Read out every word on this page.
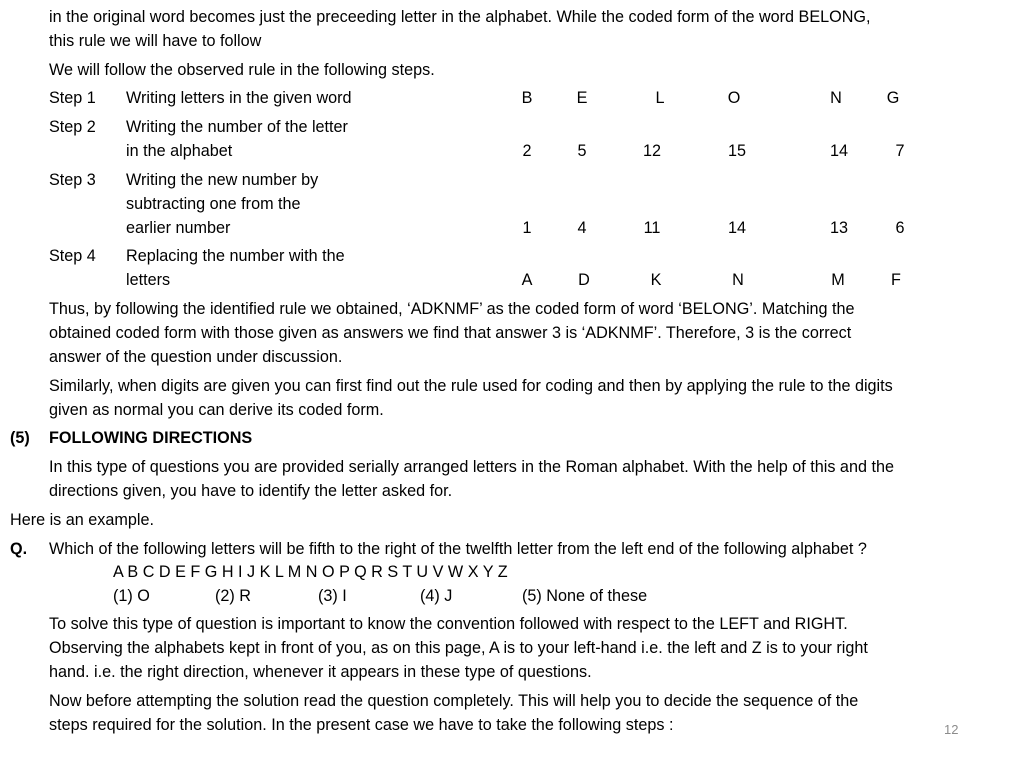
in the original word becomes just the preceeding letter in the alphabet. While the coded form of the word BELONG,
this rule we will have to follow
We will follow the observed rule in the following steps.
Step 1 Writing letters in the given word	B	E	L	O	N	G
Step 2 Writing the number of the letter
in the alphabet	2	5	12	15	14	7
Step 3 Writing the new number by
subtracting one from the
earlier number	1	4	11	14	13	6
Step 4 Replacing the number with the
letters	A	D	K	N	M	F
Thus, by following the identified rule we obtained, ‘ADKNMF’ as the coded form of word ‘BELONG’. Matching the
obtained coded form with those given as answers we find that answer 3 is ‘ADKNMF’. Therefore, 3 is the correct
answer of the question under discussion.
Similarly, when digits are given you can first find out the rule used for coding and then by applying the rule to the digits
given as normal you can derive its coded form.
(5) FOLLOWING DIRECTIONS
In this type of questions you are provided serially arranged letters in the Roman alphabet. With the help of this and the
directions given, you have to identify the letter asked for.
Here is an example.
Q. Which of the following letters will be fifth to the right of the twelfth letter from the left end of the following alphabet ?
A B C D E F G H I J K L M N O P Q R S T U V W X Y Z
(1) O	(2) R	(3) I	(4) J	(5) None of these
To solve this type of question is important to know the convention followed with respect to the LEFT and RIGHT.
Observing the alphabets kept in front of you, as on this page, A is to your left-hand i.e. the left and Z is to your right
hand. i.e. the right direction, whenever it appears in these type of questions.
Now before attempting the solution read the question completely. This will help you to decide the sequence of the
steps required for the solution. In the present case we have to take the following steps :	12
